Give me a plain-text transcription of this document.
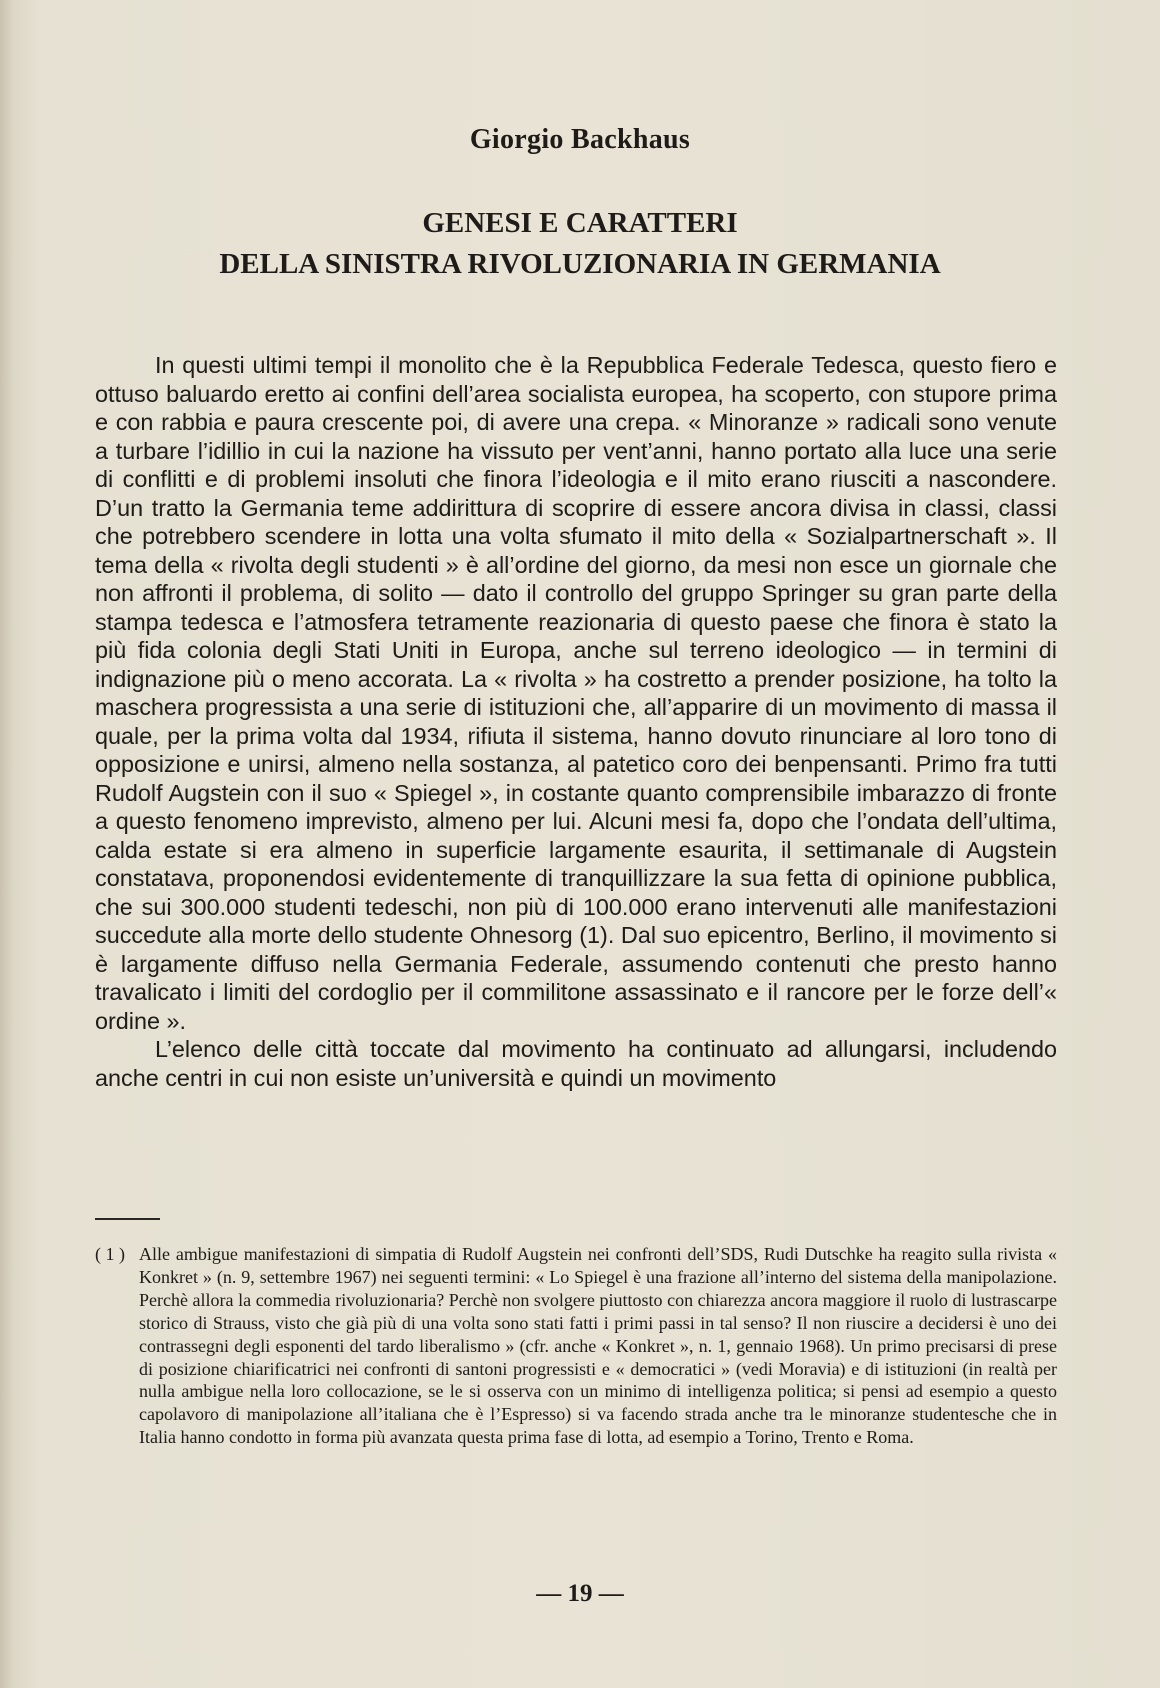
Giorgio Backhaus
GENESI E CARATTERI
DELLA SINISTRA RIVOLUZIONARIA IN GERMANIA

In questi ultimi tempi il monolito che è la Repubblica Federale Tedesca, questo fiero e ottuso baluardo eretto ai confini dell’area socialista europea, ha scoperto, con stupore prima e con rabbia e paura crescente poi, di avere una crepa. « Minoranze » radicali sono venute a turbare l’idillio in cui la nazione ha vissuto per vent’anni, hanno portato alla luce una serie di conflitti e di problemi insoluti che finora l’ideologia e il mito erano riusciti a nascondere. D’un tratto la Germania teme addirittura di scoprire di essere ancora divisa in classi, classi che potrebbero scendere in lotta una volta sfumato il mito della « Sozialpartnerschaft ». Il tema della « rivolta degli studenti » è all’ordine del giorno, da mesi non esce un giornale che non affronti il problema, di solito — dato il controllo del gruppo Springer su gran parte della stampa tedesca e l’atmosfera tetramente reazionaria di questo paese che finora è stato la più fida colonia degli Stati Uniti in Europa, anche sul terreno ideologico — in termini di indignazione più o meno accorata. La « rivolta » ha costretto a prender posizione, ha tolto la maschera progressista a una serie di istituzioni che, all’apparire di un movimento di massa il quale, per la prima volta dal 1934, rifiuta il sistema, hanno dovuto rinunciare al loro tono di opposizione e unirsi, almeno nella sostanza, al patetico coro dei benpensanti. Primo fra tutti Rudolf Augstein con il suo « Spiegel », in costante quanto comprensibile imbarazzo di fronte a questo fenomeno imprevisto, almeno per lui. Alcuni mesi fa, dopo che l’ondata dell’ultima, calda estate si era almeno in superficie largamente esaurita, il settimanale di Augstein constatava, proponendosi evidentemente di tranquillizzare la sua fetta di opinione pubblica, che sui 300.000 studenti tedeschi, non più di 100.000 erano intervenuti alle manifestazioni succedute alla morte dello studente Ohnesorg (1). Dal suo epicentro, Berlino, il movimento si è largamente diffuso nella Germania Federale, assumendo contenuti che presto hanno travalicato i limiti del cordoglio per il commilitone assassinato e il rancore per le forze dell’« ordine ».

L’elenco delle città toccate dal movimento ha continuato ad allungarsi, includendo anche centri in cui non esiste un’università e quindi un movimento

( 1 ) Alle ambigue manifestazioni di simpatia di Rudolf Augstein nei confronti dell’SDS, Rudi Dutschke ha reagito sulla rivista « Konkret » (n. 9, settembre 1967) nei seguenti termini: « Lo Spiegel è una frazione all’interno del sistema della manipolazione. Perchè allora la commedia rivoluzionaria? Perchè non svolgere piuttosto con chiarezza ancora maggiore il ruolo di lustrascarpe storico di Strauss, visto che già più di una volta sono stati fatti i primi passi in tal senso? Il non riuscire a decidersi è uno dei contrassegni degli esponenti del tardo liberalismo » (cfr. anche « Konkret », n. 1, gennaio 1968). Un primo precisarsi di prese di posizione chiarificatrici nei confronti di santoni progressisti e « democratici » (vedi Moravia) e di istituzioni (in realtà per nulla ambigue nella loro collocazione, se le si osserva con un minimo di intelligenza politica; si pensi ad esempio a questo capolavoro di manipolazione all’italiana che è l’Espresso) si va facendo strada anche tra le minoranze studentesche che in Italia hanno condotto in forma più avanzata questa prima fase di lotta, ad esempio a Torino, Trento e Roma.
— 19 —
